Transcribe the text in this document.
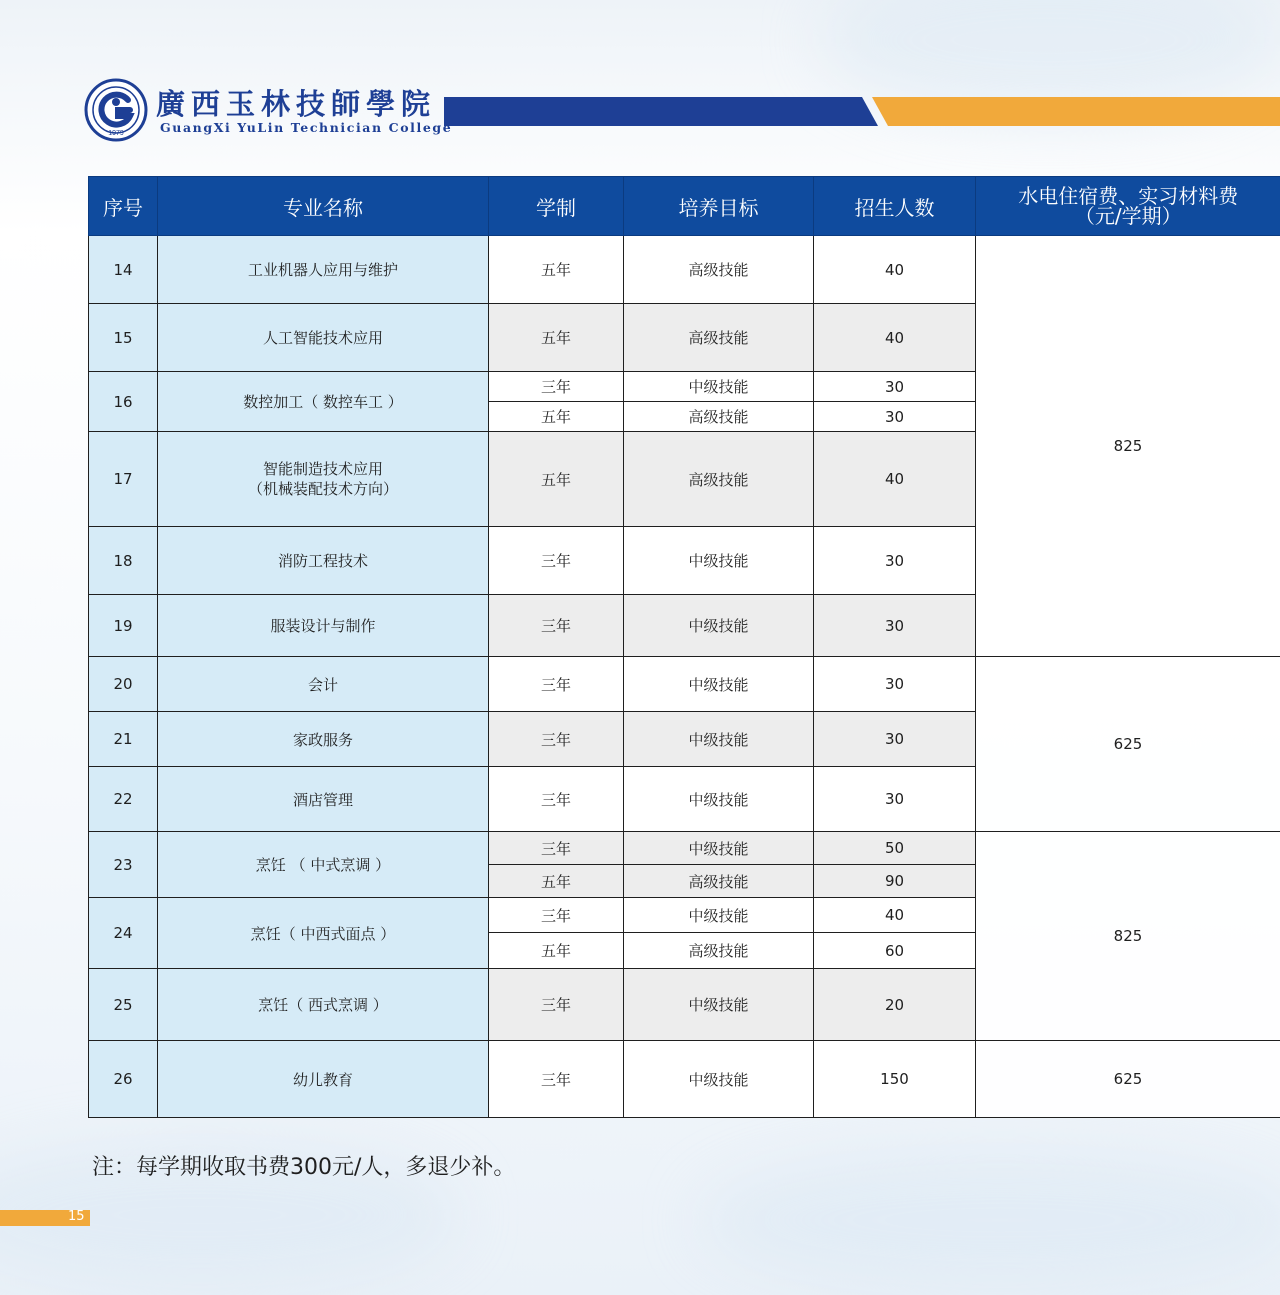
1979
廣西玉林技師學院
GuangXi YuLin Technician College
序号	专业名称	学制	培养目标	招生人数	水电住宿费、实习材料费
（元/学期）

14	工业机器人应用与维护	五年	高级技能	40	825
15	人工智能技术应用	五年	高级技能	40	
16	数控加工（ 数控车工 ）	三年	中级技能	30	
		五年	高级技能	30	
17	智能制造技术应用
（机械装配技术方向）	五年	高级技能	40	
18	消防工程技术	三年	中级技能	30	
19	服装设计与制作	三年	中级技能	30	
20	会计	三年	中级技能	30	625
21	家政服务	三年	中级技能	30	
22	酒店管理	三年	中级技能	30	
23	烹饪 （ 中式烹调 ）	三年	中级技能	50	825
		五年	高级技能	90	
24	烹饪（ 中西式面点 ）	三年	中级技能	40	
		五年	高级技能	60	
25	烹饪（ 西式烹调 ）	三年	中级技能	20	
26	幼儿教育	三年	中级技能	150	625
注：每学期收取书费300元/人，多退少补。
15
